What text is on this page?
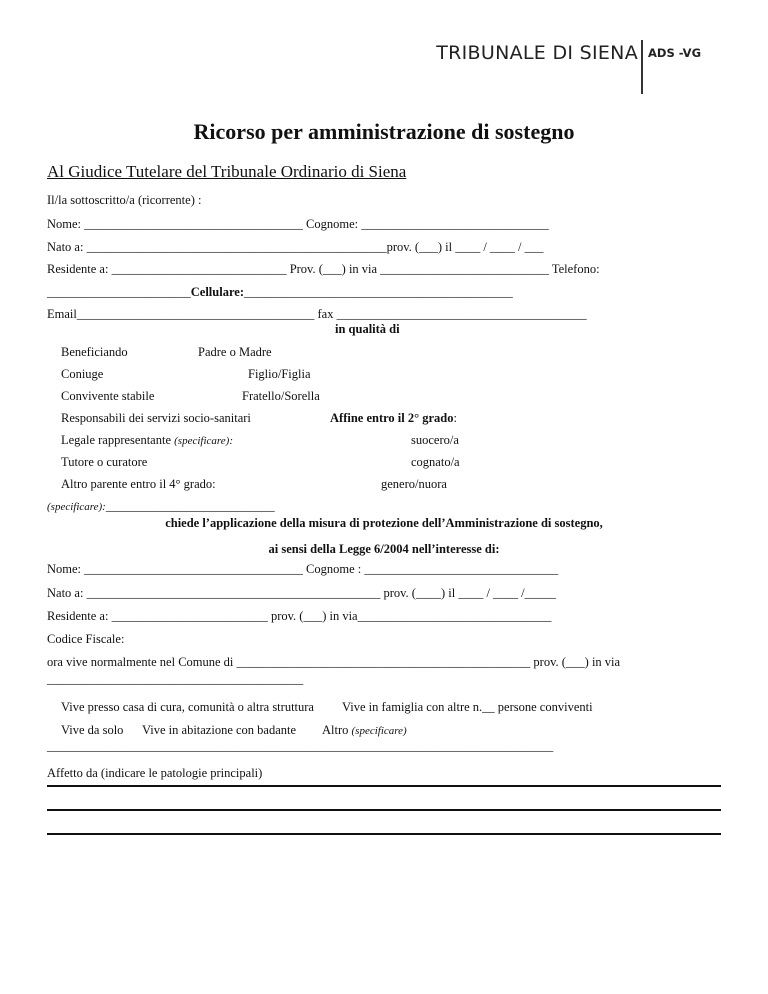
TRIBUNALE DI SIENA ADS -VG
Ricorso per amministrazione di sostegno
Al Giudice Tutelare del Tribunale Ordinario di Siena
Il/la sottoscritto/a (ricorrente) :
Nome: ___________________________________ Cognome: ______________________________
Nato a: ________________________________________________prov. (___) il ____ / ____ / ___
Residente a: ____________________________ Prov. (___) in via ___________________________ Telefono:
_______________________Cellulare:___________________________________________
Email______________________________________ fax ________________________________________
in qualità di
Beneficiando	Padre o Madre
Coniuge	Figlio/Figlia
Convivente stabile	Fratello/Sorella
Responsabili dei servizi socio-sanitari	Affine entro il 2° grado:
Legale rappresentante (specificare):	suocero/a
Tutore o curatore	cognato/a
Altro parente entro il 4° grado:	genero/nuora
(specificare):___________________________
chiede l’applicazione della misura di protezione dell’Amministrazione di sostegno,
ai sensi della Legge 6/2004 nell’interesse di:
Nome: ___________________________________ Cognome : _______________________________
Nato a: _______________________________________________ prov. (____) il ____ / ____ /_____
Residente a: _________________________ prov. (___) in via_______________________________
Codice Fiscale:
ora vive normalmente nel Comune di _______________________________________________ prov. (___) in via
_________________________________________
Vive presso casa di cura, comunità o altra struttura Vive in famiglia con altre n.__ persone conviventi
Vive da solo Vive in abitazione con badante Altro (specificare)
_________________________________________________________________________________
Affetto da (indicare le patologie principali)
